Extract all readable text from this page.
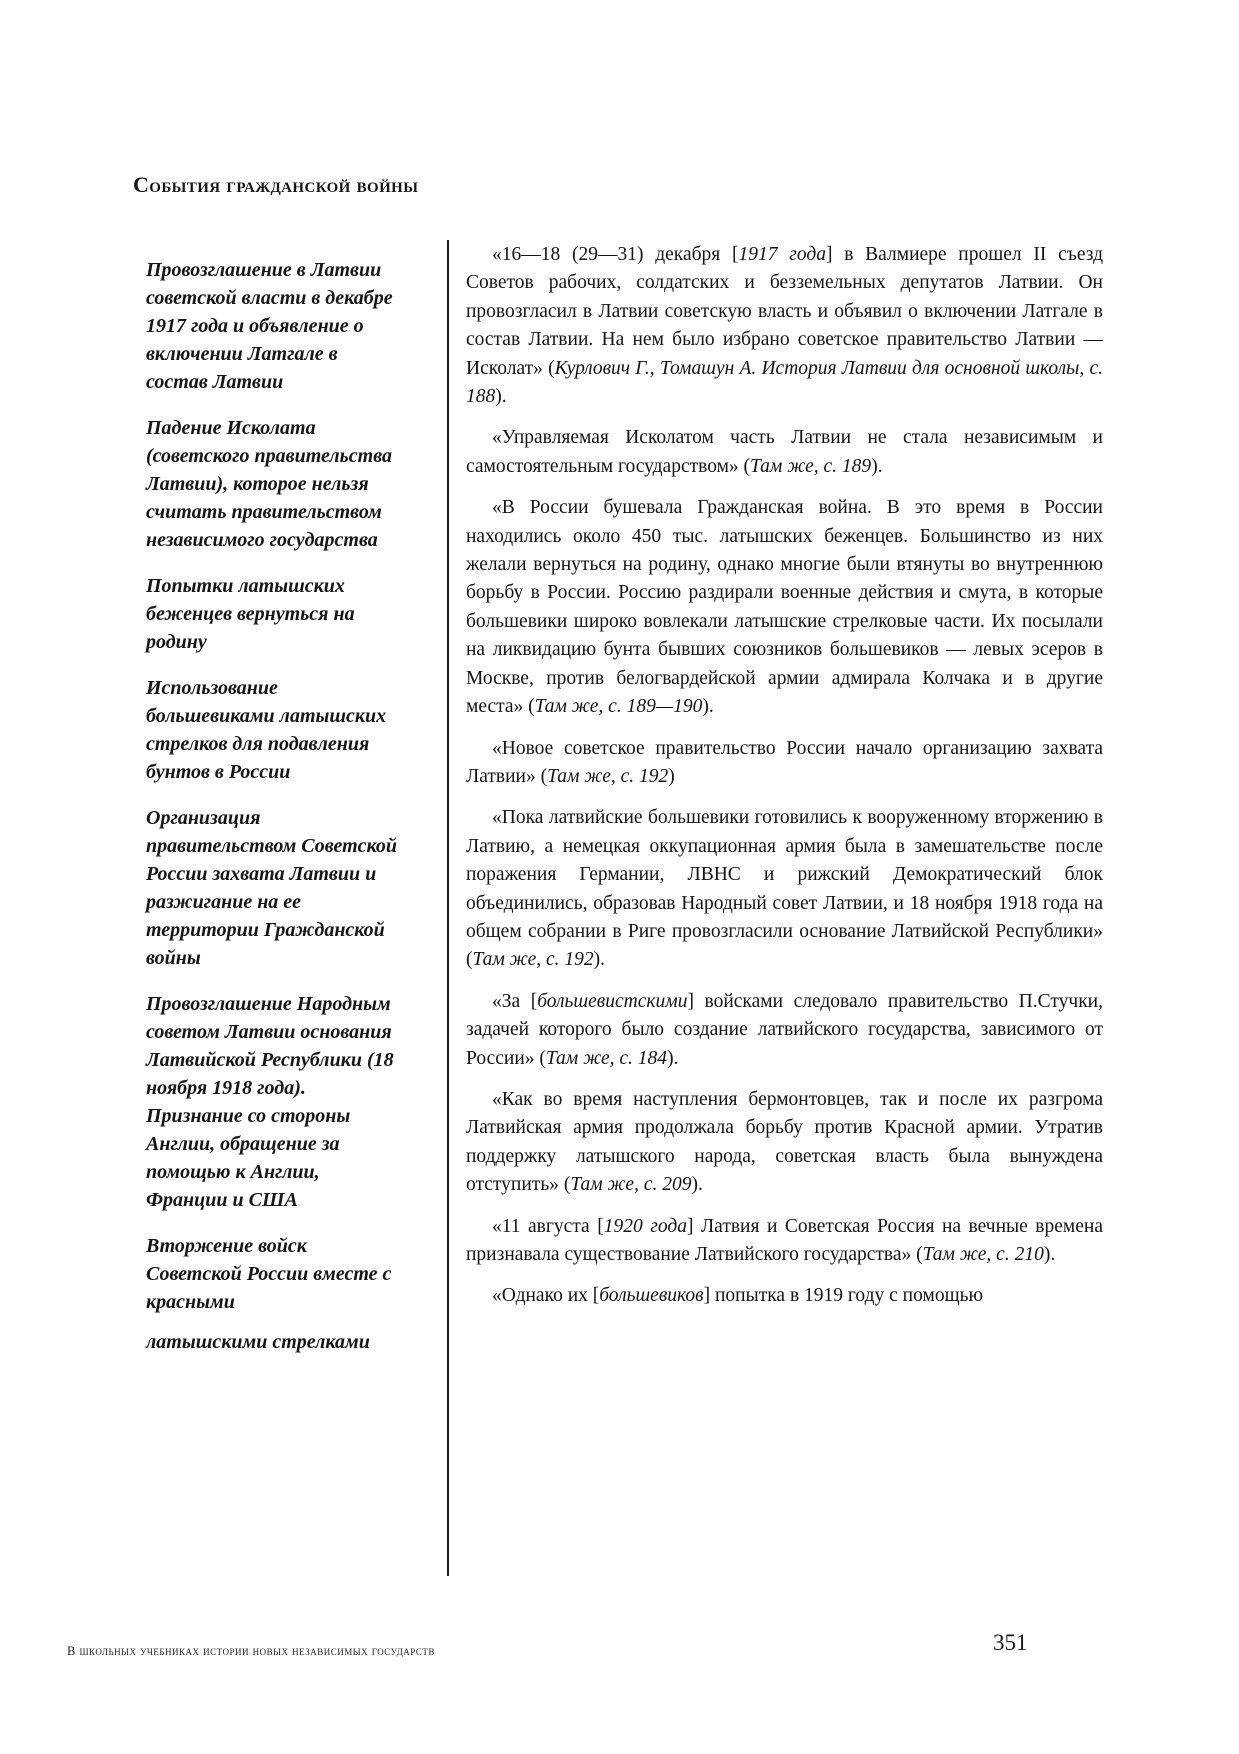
События гражданской войны
Провозглашение в Латвии советской власти в декабре 1917 года и объявление о включении Латгале в состав Латвии
Падение Исколата (советского правительства Латвии), которое нельзя считать правительством независимого государства
Попытки латышских беженцев вернуться на родину
Использование большевиками латышских стрелков для подавления бунтов в России
Организация правительством Советской России захвата Латвии и разжигание на ее территории Гражданской войны
Провозглашение Народным советом Латвии основания Латвийской Республики (18 ноября 1918 года). Признание со стороны Англии, обращение за помощью к Англии, Франции и США
Вторжение войск Советской России вместе с красными
латышскими стрелками

«16—18 (29—31) декабря [1917 года] в Валмиере прошел II съезд Советов рабочих, солдатских и безземельных депутатов Латвии. Он провозгласил в Латвии советскую власть и объявил о включении Латгале в состав Латвии. На нем было избрано советское правительство Латвии — Исколат» (Курлович Г., Томашун А. История Латвии для основной школы, с. 188).

«Управляемая Исколатом часть Латвии не стала независимым и самостоятельным государством» (Там же, с. 189).

«В России бушевала Гражданская война. В это время в России находились около 450 тыс. латышских беженцев. Большинство из них желали вернуться на родину, однако многие были втянуты во внутреннюю борьбу в России. Россию раздирали военные действия и смута, в которые большевики широко вовлекали латышские стрелковые части. Их посылали на ликвидацию бунта бывших союзников большевиков — левых эсеров в Москве, против белогвардейской армии адмирала Колчака и в другие места» (Там же, с. 189—190).

«Новое советское правительство России начало организацию захвата Латвии» (Там же, с. 192)

«Пока латвийские большевики готовились к вооруженному вторжению в Латвию, а немецкая оккупационная армия была в замешательстве после поражения Германии, ЛВНС и рижский Демократический блок объединились, образовав Народный совет Латвии, и 18 ноября 1918 года на общем собрании в Риге провозгласили основание Латвийской Республики» (Там же, с. 192).

«За [большевистскими] войсками следовало правительство П.Стучки, задачей которого было создание латвийского государства, зависимого от России» (Там же, с. 184).

«Как во время наступления бермонтовцев, так и после их разгрома Латвийская армия продолжала борьбу против Красной армии. Утратив поддержку латышского народа, советская власть была вынуждена отступить» (Там же, с. 209).

«11 августа [1920 года] Латвия и Советская Россия на вечные времена признавала существование Латвийского государства» (Там же, с. 210).

«Однако их [большевиков] попытка в 1919 году с помощью

В школьных учебниках истории новых независимых государств	351
